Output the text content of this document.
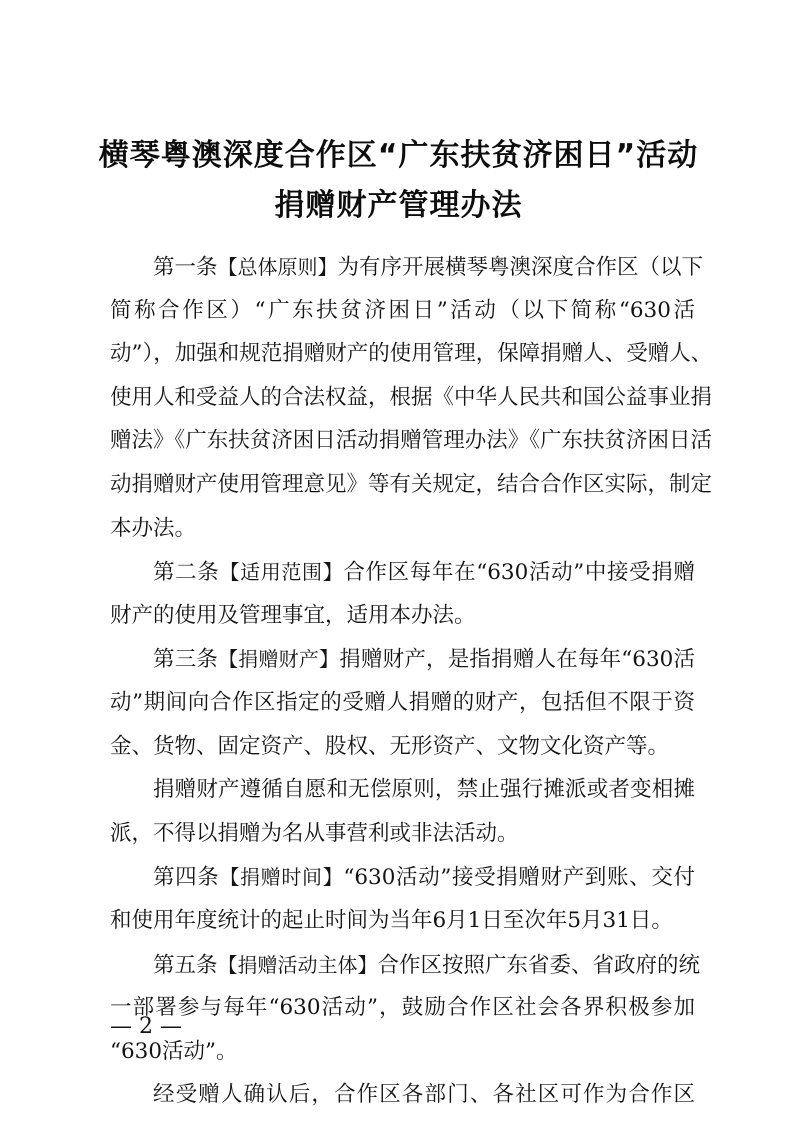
横琴粤澳深度合作区“广东扶贫济困日”活动
捐赠财产管理办法
第一条【总体原则】为有序开展横琴粤澳深度合作区（以下
简称合作区）“广东扶贫济困日”活动（以下简称“630活
动”），加强和规范捐赠财产的使用管理，保障捐赠人、受赠人、
使用人和受益人的合法权益，根据《中华人民共和国公益事业捐
赠法》《广东扶贫济困日活动捐赠管理办法》《广东扶贫济困日活
动捐赠财产使用管理意见》等有关规定，结合合作区实际，制定
本办法。
第二条【适用范围】合作区每年在“630活动”中接受捐赠
财产的使用及管理事宜，适用本办法。
第三条【捐赠财产】捐赠财产，是指捐赠人在每年“630活
动”期间向合作区指定的受赠人捐赠的财产，包括但不限于资
金、货物、固定资产、股权、无形资产、文物文化资产等。
捐赠财产遵循自愿和无偿原则，禁止强行摊派或者变相摊
派，不得以捐赠为名从事营利或非法活动。
第四条【捐赠时间】“630活动”接受捐赠财产到账、交付
和使用年度统计的起止时间为当年6月1日至次年5月31日。
第五条【捐赠活动主体】合作区按照广东省委、省政府的统
— 2 —
一部署参与每年“630活动”，鼓励合作区社会各界积极参加
“630活动”。
经受赠人确认后，合作区各部门、各社区可作为合作区
